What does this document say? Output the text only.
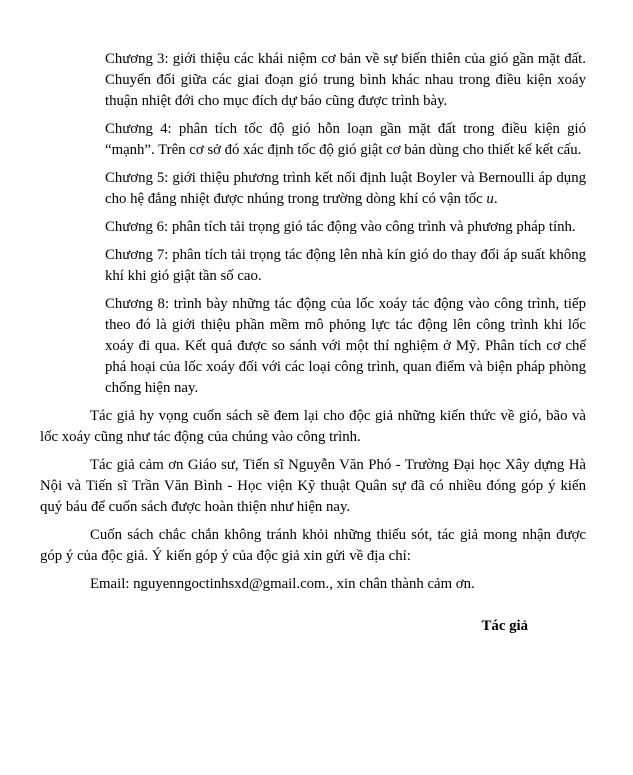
Chương 3: giới thiệu các khái niệm cơ bản về sự biến thiên của gió gần mặt đất. Chuyển đổi giữa các giai đoạn gió trung bình khác nhau trong điều kiện xoáy thuận nhiệt đới cho mục đích dự báo cũng được trình bày.

Chương 4: phân tích tốc độ gió hỗn loạn gần mặt đất trong điều kiện gió “mạnh”. Trên cơ sở đó xác định tốc độ gió giật cơ bản dùng cho thiết kế kết cấu.

Chương 5: giới thiệu phương trình kết nối định luật Boyler và Bernoulli áp dụng cho hệ đẳng nhiệt được nhúng trong trường dòng khí có vận tốc u.

Chương 6: phân tích tải trọng gió tác động vào công trình và phương pháp tính.

Chương 7: phân tích tải trọng tác động lên nhà kín gió do thay đổi áp suất không khí khi gió giật tần số cao.

Chương 8: trình bày những tác động của lốc xoáy tác động vào công trình, tiếp theo đó là giới thiệu phần mềm mô phỏng lực tác động lên công trình khi lốc xoáy đi qua. Kết quả được so sánh với một thí nghiệm ở Mỹ. Phân tích cơ chế phá hoại của lốc xoáy đối với các loại công trình, quan điểm và biện pháp phòng chống hiện nay.

Tác giả hy vọng cuốn sách sẽ đem lại cho độc giả những kiến thức về gió, bão và lốc xoáy cũng như tác động của chúng vào công trình.

Tác giả cảm ơn Giáo sư, Tiến sĩ Nguyễn Văn Phó - Trường Đại học Xây dựng Hà Nội và Tiến sĩ Trần Văn Bình - Học viện Kỹ thuật Quân sự đã có nhiều đóng góp ý kiến quý báu để cuốn sách được hoàn thiện như hiện nay.

Cuốn sách chắc chắn không tránh khỏi những thiếu sót, tác giả mong nhận được góp ý của độc giả. Ý kiến góp ý của độc giả xin gửi về địa chỉ:

Email: nguyenngoctinhsxd@gmail.com., xin chân thành cảm ơn.

Tác giả
